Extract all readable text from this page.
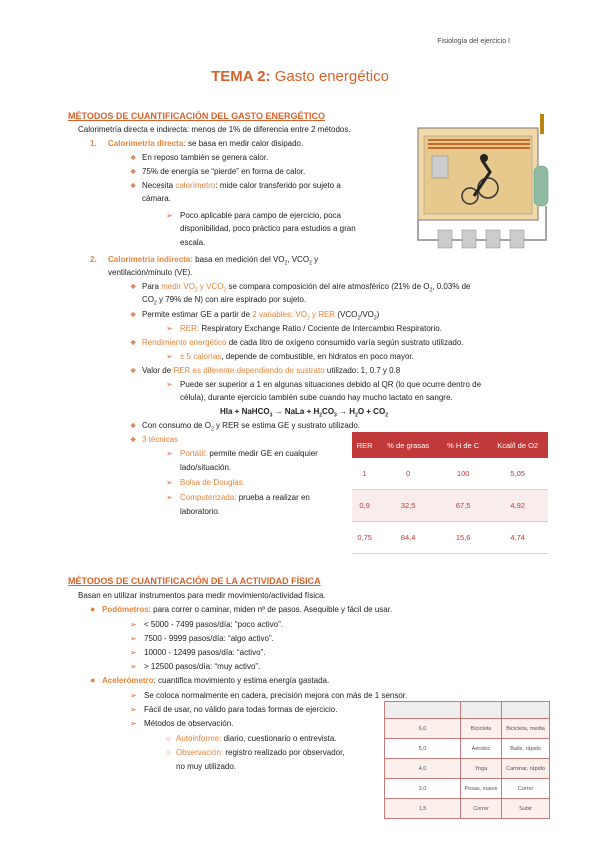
Fisiología del ejercicio I
TEMA 2: Gasto energético
MÉTODOS DE CUANTIFICACIÓN DEL GASTO ENERGÉTICO
Calorimetría directa e indirecta: menos de 1% de diferencia entre 2 métodos.
1. Calorimetría directa: se basa en medir calor disipado.
❖ En reposo también se genera calor.
❖ 75% de energía se “pierde” en forma de calor.
❖ Necesita calorímetro: mide calor transferido por sujeto a
cámara.
➢ Poco aplicable para campo de ejercicio, poca
disponibilidad, poco práctico para estudios a gran
escala.
2. Calorimetría indirecta: basa en medición del $VO_2$, $VCO_2$ y
ventilación/minuto (VE).
❖ Para medir $VO_2$ y $VCO_2$ se compara composición del aire atmosférico (21% de $O_2$, 0.03% de
$CO_2$ y 79% de N) con aire espirado por sujeto.
❖ Permite estimar GE a partir de 2 variables: $VO_2$ y RER $(VCO_2/VO_2)$
➢ RER: Respiratory Exchange Ratio / Cociente de Intercambio Respiratorio.
❖ Rendimiento energético de cada litro de oxígeno consumido varía según sustrato utilizado.
➢ ± 5 calorías, depende de combustible, en hidratos en poco mayor.
❖ Valor de RER es diferente dependiendo de sustrato utilizado: 1, 0.7 y 0.8
➢ Puede ser superior a 1 en algunas situaciones debido al QR (lo que ocurre dentro de
célula), durante ejercicio también sube cuando hay mucho lactato en sangre.
Hla + NaHCO$_3$ → NaLa + $H_2CO_3 \to H_2O + CO_2$
❖ Con consumo de $O_2$ y RER se estima GE y sustrato utilizado.
❖ 3 técnicas
➢ Portátil: permite medir GE en cualquier
lado/situación.
➢ Bolsa de Douglas.
➢ Computerizada: prueba a realizar en
laboratorio.
RER	% de grasas	% H de C	Kcal/l de O2
1	0	100	5,05
0,9	32,5	67,5	4,92
0,75	84,4	15,6	4,74
MÉTODOS DE CUANTIFICACIÓN DE LA ACTIVIDAD FÍSICA
Basan en utilizar instrumentos para medir movimiento/actividad física.
● Podómetros: para correr o caminar, miden nº de pasos. Asequible y fácil de usar.
➢ < 5000 - 7499 pasos/día: “poco activo”.
➢ 7500 - 9999 pasos/día: “algo activo”.
➢ 10000 - 12499 pasos/día: “activo”.
➢ > 12500 pasos/día: “muy activo”.
● Acelerómetro: cuantifica movimiento y estima energía gastada.
➢ Se coloca normalmente en cadera, precisión mejora con más de 1 sensor.
➢ Fácil de usar, no válido para todas formas de ejercicio.
➢ Métodos de observación.
○ Autoinforme: diario, cuestionario o entrevista.
○ Observación: registro realizado por observador,
no muy utilizado.

6,0	Bicicleta	Bicicleta, media
5,0	Aerobic	Baile, rápido
4,0	Yoga	Caminar, rápido
3,0	Pesas, suave	Correr
1,5	Correr	Subir
